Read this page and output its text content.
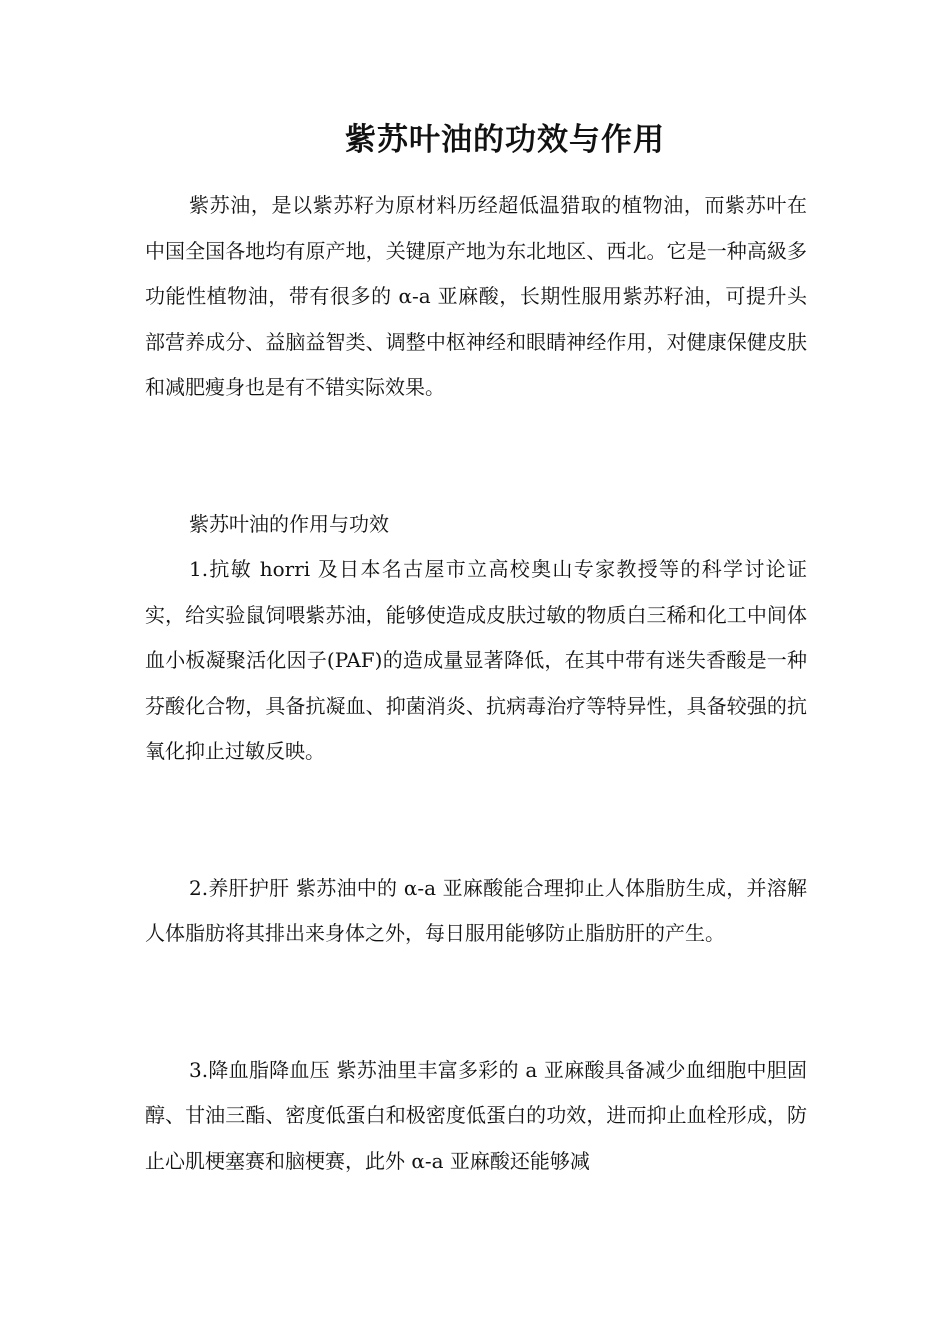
紫苏叶油的功效与作用

紫苏油，是以紫苏籽为原材料历经超低温猎取的植物油，而紫苏叶在中国全国各地均有原产地，关键原产地为东北地区、西北。它是一种高級多功能性植物油，带有很多的 α-a 亚麻酸，长期性服用紫苏籽油，可提升头部营养成分、益脑益智类、调整中枢神经和眼睛神经作用，对健康保健皮肤和减肥瘦身也是有不错实际效果。

紫苏叶油的作用与功效

1.抗敏 horri 及日本名古屋市立高校奥山专家教授等的科学讨论证实，给实验鼠饲喂紫苏油，能够使造成皮肤过敏的物质白三稀和化工中间体血小板凝聚活化因子(PAF)的造成量显著降低，在其中带有迷失香酸是一种芬酸化合物，具备抗凝血、抑菌消炎、抗病毒治疗等特异性，具备较强的抗氧化抑止过敏反映。

2.养肝护肝 紫苏油中的 α-a 亚麻酸能合理抑止人体脂肪生成，并溶解人体脂肪将其排出来身体之外，每日服用能够防止脂肪肝的产生。

3.降血脂降血压 紫苏油里丰富多彩的 a 亚麻酸具备减少血细胞中胆固醇、甘油三酯、密度低蛋白和极密度低蛋白的功效，进而抑止血栓形成，防止心肌梗塞赛和脑梗赛，此外 α-a 亚麻酸还能够减
